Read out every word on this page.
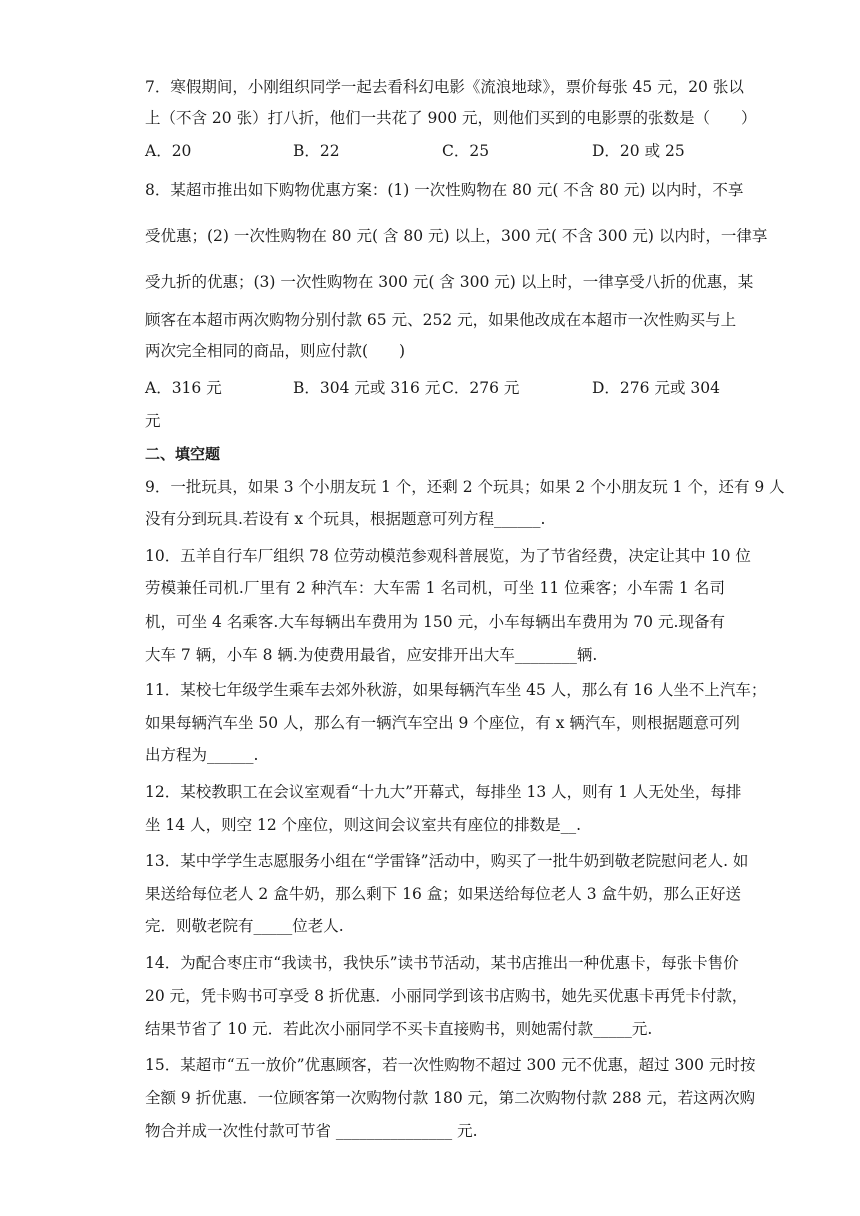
7．寒假期间，小刚组织同学一起去看科幻电影《流浪地球》，票价每张 45 元，20 张以
上（不含 20 张）打八折，他们一共花了 900 元，则他们买到的电影票的张数是（　　）
A．20	B．22	C．25	D．20 或 25
8．某超市推出如下购物优惠方案：(1) 一次性购物在 80 元( 不含 80 元) 以内时，不享
受优惠；(2) 一次性购物在 80 元( 含 80 元) 以上，300 元( 不含 300 元) 以内时，一律享
受九折的优惠；(3) 一次性购物在 300 元( 含 300 元) 以上时，一律享受八折的优惠，某
顾客在本超市两次购物分别付款 65 元、252 元，如果他改成在本超市一次性购买与上
两次完全相同的商品，则应付款(　　)
A．316 元	B．304 元或 316 元 C．276 元	D．276 元或 304
元
二、填空题
9．一批玩具，如果 3 个小朋友玩 1 个，还剩 2 个玩具；如果 2 个小朋友玩 1 个，还有 9 人
没有分到玩具.若设有 x 个玩具，根据题意可列方程______.
10．五羊自行车厂组织 78 位劳动模范参观科普展览，为了节省经费，决定让其中 10 位
劳模兼任司机.厂里有 2 种汽车：大车需 1 名司机，可坐 11 位乘客；小车需 1 名司
机，可坐 4 名乘客.大车每辆出车费用为 150 元，小车每辆出车费用为 70 元.现备有
大车 7 辆，小车 8 辆.为使费用最省，应安排开出大车________辆.
11．某校七年级学生乘车去郊外秋游，如果每辆汽车坐 45 人，那么有 16 人坐不上汽车；
如果每辆汽车坐 50 人，那么有一辆汽车空出 9 个座位，有 x 辆汽车，则根据题意可列
出方程为______.
12．某校教职工在会议室观看“十九大”开幕式，每排坐 13 人，则有 1 人无处坐，每排
坐 14 人，则空 12 个座位，则这间会议室共有座位的排数是__.
13．某中学学生志愿服务小组在“学雷锋”活动中，购买了一批牛奶到敬老院慰问老人. 如
果送给每位老人 2 盒牛奶，那么剩下 16 盒；如果送给每位老人 3 盒牛奶，那么正好送
完．则敬老院有_____位老人.
14．为配合枣庄市“我读书，我快乐”读书节活动，某书店推出一种优惠卡，每张卡售价
20 元，凭卡购书可享受 8 折优惠．小丽同学到该书店购书，她先买优惠卡再凭卡付款，
结果节省了 10 元．若此次小丽同学不买卡直接购书，则她需付款_____元.
15．某超市“五一放价”优惠顾客，若一次性购物不超过 300 元不优惠，超过 300 元时按
全额 9 折优惠．一位顾客第一次购物付款 180 元，第二次购物付款 288 元，若这两次购
物合并成一次性付款可节省 _______________ 元.
